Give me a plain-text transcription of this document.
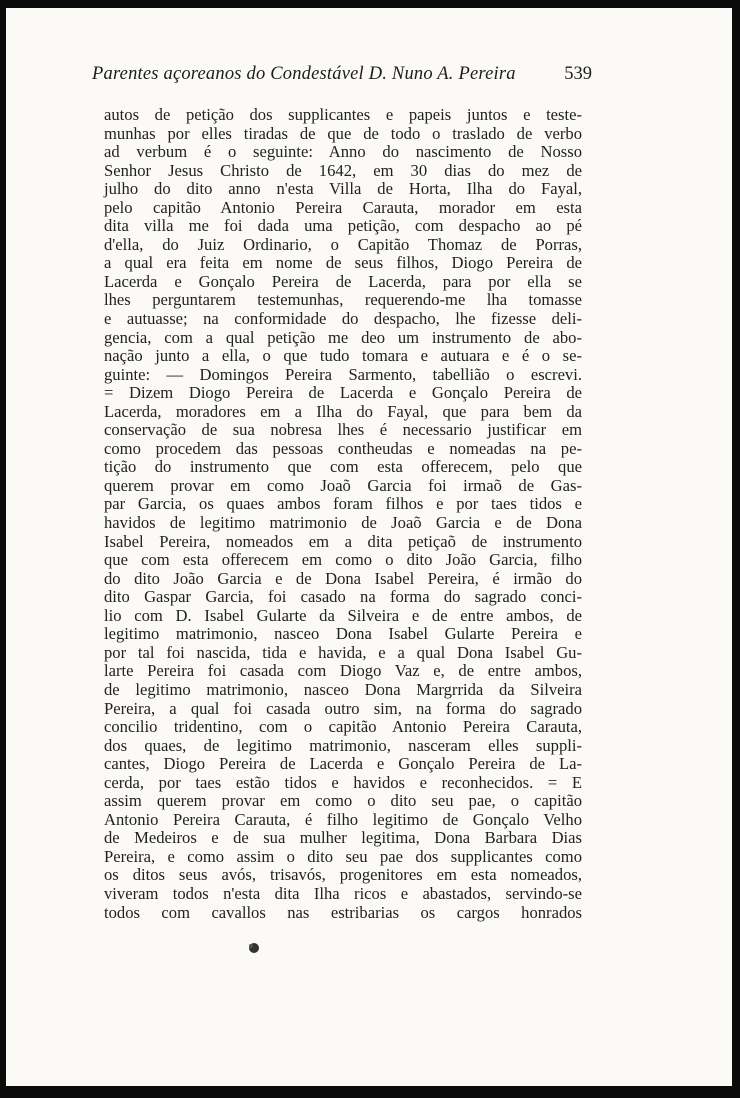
Parentes açoreanos do Condestável D. Nuno A. Pereira	539
autos de petição dos supplicantes e papeis juntos e teste-
munhas por elles tiradas de que de todo o traslado de verbo
ad verbum é o seguinte: Anno do nascimento de Nosso
Senhor Jesus Christo de 1642, em 30 dias do mez de
julho do dito anno n'esta Villa de Horta, Ilha do Fayal,
pelo capitão Antonio Pereira Carauta, morador em esta
dita villa me foi dada uma petição, com despacho ao pé
d'ella, do Juiz Ordinario, o Capitão Thomaz de Porras,
a qual era feita em nome de seus filhos, Diogo Pereira de
Lacerda e Gonçalo Pereira de Lacerda, para por ella se
lhes perguntarem testemunhas, requerendo-me lha tomasse
e autuasse; na conformidade do despacho, lhe fizesse deli-
gencia, com a qual petição me deo um instrumento de abo-
nação junto a ella, o que tudo tomara e autuara e é o se-
guinte: — Domingos Pereira Sarmento, tabellião o escrevi.
= Dizem Diogo Pereira de Lacerda e Gonçalo Pereira de
Lacerda, moradores em a Ilha do Fayal, que para bem da
conservação de sua nobresa lhes é necessario justificar em
como procedem das pessoas contheudas e nomeadas na pe-
tição do instrumento que com esta offerecem, pelo que
querem provar em como Joaõ Garcia foi irmaõ de Gas-
par Garcia, os quaes ambos foram filhos e por taes tidos e
havidos de legitimo matrimonio de Joaõ Garcia e de Dona
Isabel Pereira, nomeados em a dita petiçaõ de instrumento
que com esta offerecem em como o dito João Garcia, filho
do dito João Garcia e de Dona Isabel Pereira, é irmão do
dito Gaspar Garcia, foi casado na forma do sagrado conci-
lio com D. Isabel Gularte da Silveira e de entre ambos, de
legitimo matrimonio, nasceo Dona Isabel Gularte Pereira e
por tal foi nascida, tida e havida, e a qual Dona Isabel Gu-
larte Pereira foi casada com Diogo Vaz e, de entre ambos,
de legitimo matrimonio, nasceo Dona Margrrida da Silveira
Pereira, a qual foi casada outro sim, na forma do sagrado
concilio tridentino, com o capitão Antonio Pereira Carauta,
dos quaes, de legitimo matrimonio, nasceram elles suppli-
cantes, Diogo Pereira de Lacerda e Gonçalo Pereira de La-
cerda, por taes estão tidos e havidos e reconhecidos. = E
assim querem provar em como o dito seu pae, o capitão
Antonio Pereira Carauta, é filho legitimo de Gonçalo Velho
de Medeiros e de sua mulher legitima, Dona Barbara Dias
Pereira, e como assim o dito seu pae dos supplicantes como
os ditos seus avós, trisavós, progenitores em esta nomeados,
viveram todos n'esta dita Ilha ricos e abastados, servindo-se
todos com cavallos nas estribarias os cargos honrados
